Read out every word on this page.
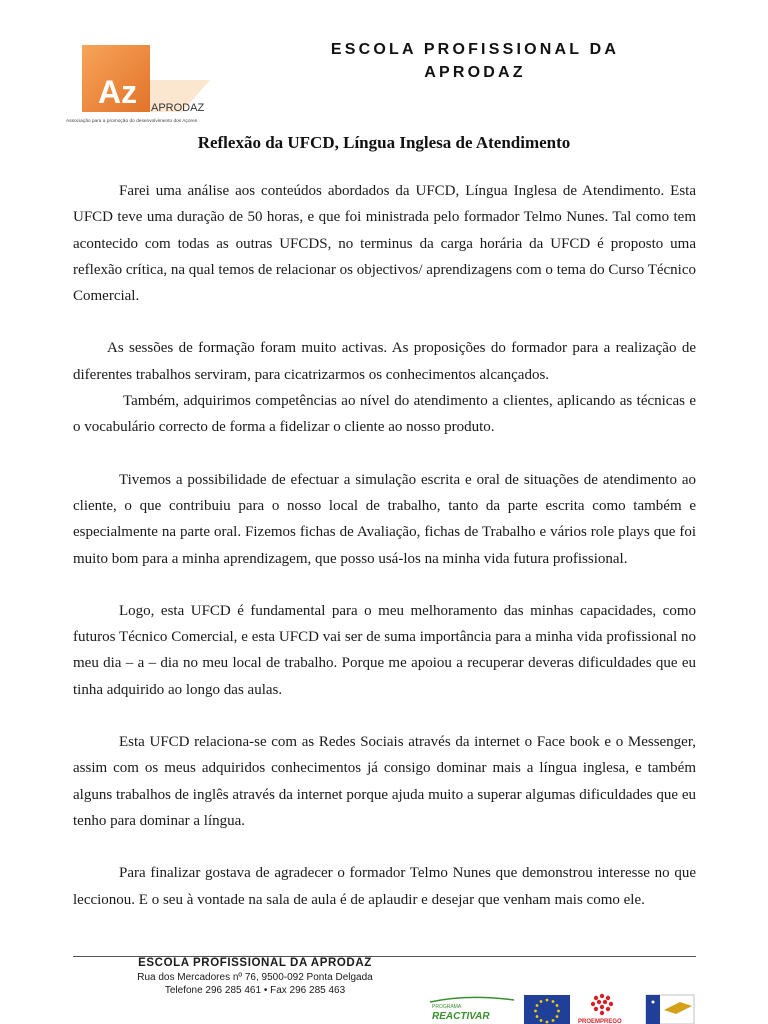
Az APRODAZ
Associação para a promoção do desenvolvimento dos Açores
ESCOLA PROFISSIONAL DA
APRODAZ
Reflexão da UFCD, Língua Inglesa de Atendimento

Farei uma análise aos conteúdos abordados da UFCD, Língua Inglesa de Atendimento. Esta UFCD teve uma duração de 50 horas, e que foi ministrada pelo formador Telmo Nunes. Tal como tem acontecido com todas as outras UFCDS, no terminus da carga horária da UFCD é proposto uma reflexão crítica, na qual temos de relacionar os objectivos/ aprendizagens com o tema do Curso Técnico Comercial.

As sessões de formação foram muito activas. As proposições do formador para a realização de diferentes trabalhos serviram, para cicatrizarmos os conhecimentos alcançados.

Também, adquirimos competências ao nível do atendimento a clientes, aplicando as técnicas e o vocabulário correcto de forma a fidelizar o cliente ao nosso produto.

Tivemos a possibilidade de efectuar a simulação escrita e oral de situações de atendimento ao cliente, o que contribuiu para o nosso local de trabalho, tanto da parte escrita como também e especialmente na parte oral. Fizemos fichas de Avaliação, fichas de Trabalho e vários role plays que foi muito bom para a minha aprendizagem, que posso usá-los na minha vida futura profissional.

Logo, esta UFCD é fundamental para o meu melhoramento das minhas capacidades, como futuros Técnico Comercial, e esta UFCD vai ser de suma importância para a minha vida profissional no meu dia – a – dia no meu local de trabalho. Porque me apoiou a recuperar deveras dificuldades que eu tinha adquirido ao longo das aulas.

Esta UFCD relaciona-se com as Redes Sociais através da internet o Face book e o Messenger, assim com os meus adquiridos conhecimentos já consigo dominar mais a língua inglesa, e também alguns trabalhos de inglês através da internet porque ajuda muito a superar algumas dificuldades que eu tenho para dominar a língua.

Para finalizar gostava de agradecer o formador Telmo Nunes que demonstrou interesse no que leccionou. E o seu à vontade na sala de aula é de aplaudir e desejar que venham mais como ele.

ESCOLA PROFISSIONAL DA APRODAZ
Rua dos Mercadores nº 76, 9500-092 Ponta Delgada
Telefone 296 285 461 • Fax 296 285 463
PROGRAMA
REACTIVAR	PROEMPREGO
